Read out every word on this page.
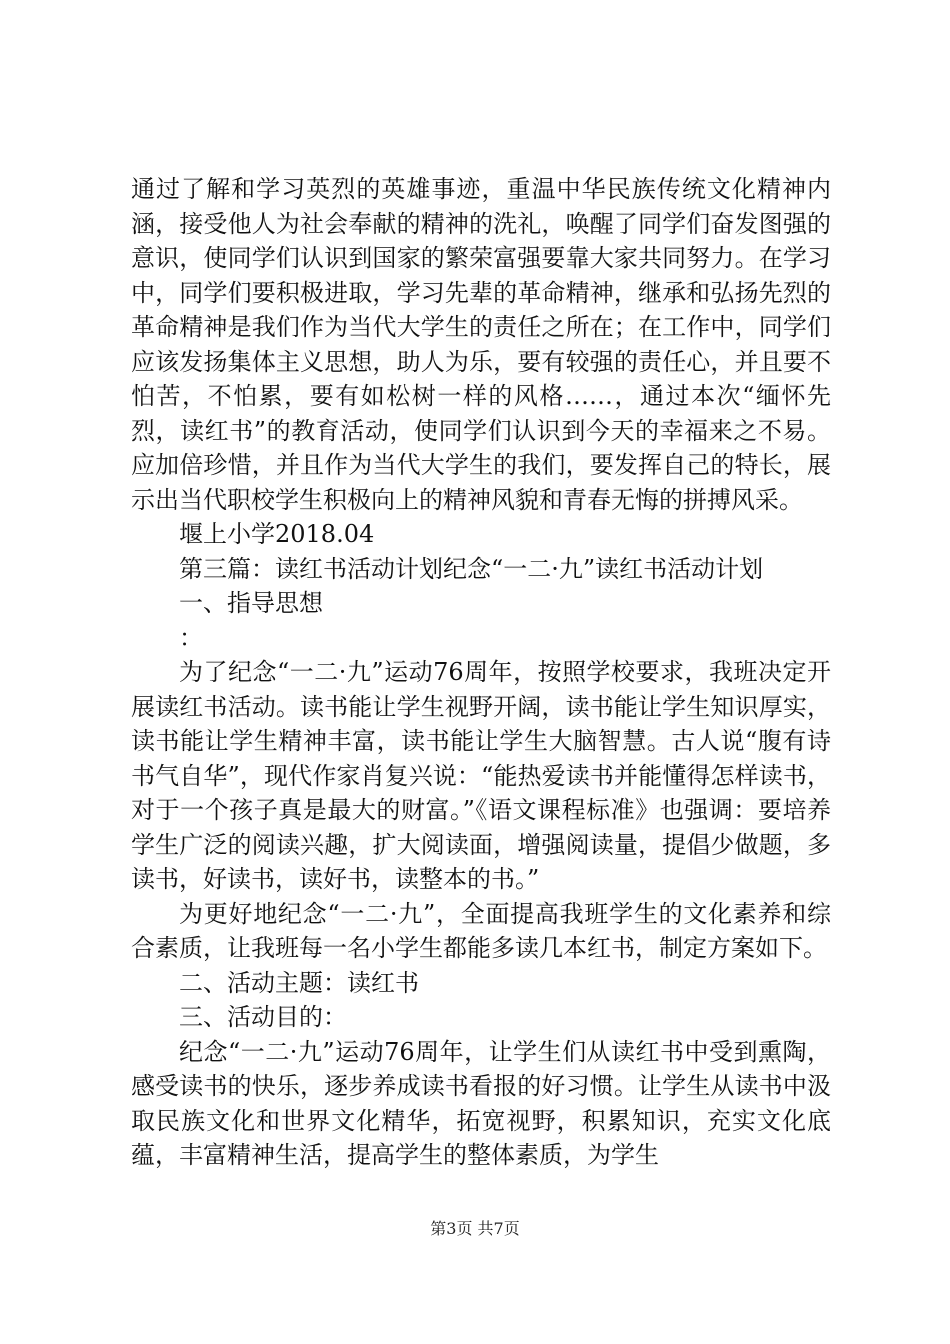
通过了解和学习英烈的英雄事迹，重温中华民族传统文化精神内涵，接受他人为社会奉献的精神的洗礼，唤醒了同学们奋发图强的意识，使同学们认识到国家的繁荣富强要靠大家共同努力。在学习中，同学们要积极进取，学习先辈的革命精神，继承和弘扬先烈的革命精神是我们作为当代大学生的责任之所在；在工作中，同学们应该发扬集体主义思想，助人为乐，要有较强的责任心，并且要不怕苦，不怕累，要有如松树一样的风格……，通过本次“缅怀先烈，读红书”的教育活动，使同学们认识到今天的幸福来之不易。应加倍珍惜，并且作为当代大学生的我们，要发挥自己的特长，展示出当代职校学生积极向上的精神风貌和青春无悔的拼搏风采。

堰上小学2018.04

第三篇：读红书活动计划纪念“一二·九”读红书活动计划

一、指导思想

：

为了纪念“一二·九”运动76周年，按照学校要求，我班决定开展读红书活动。读书能让学生视野开阔，读书能让学生知识厚实，读书能让学生精神丰富，读书能让学生大脑智慧。古人说“腹有诗书气自华”，现代作家肖复兴说：“能热爱读书并能懂得怎样读书，对于一个孩子真是最大的财富。”《语文课程标准》也强调：要培养学生广泛的阅读兴趣，扩大阅读面，增强阅读量，提倡少做题，多读书，好读书，读好书，读整本的书。”

为更好地纪念“一二·九”，全面提高我班学生的文化素养和综合素质，让我班每一名小学生都能多读几本红书，制定方案如下。

二、活动主题：读红书

三、活动目的：

纪念“一二·九”运动76周年，让学生们从读红书中受到熏陶，感受读书的快乐，逐步养成读书看报的好习惯。让学生从读书中汲取民族文化和世界文化精华，拓宽视野，积累知识，充实文化底蕴，丰富精神生活，提高学生的整体素质，为学生

第3页 共7页
